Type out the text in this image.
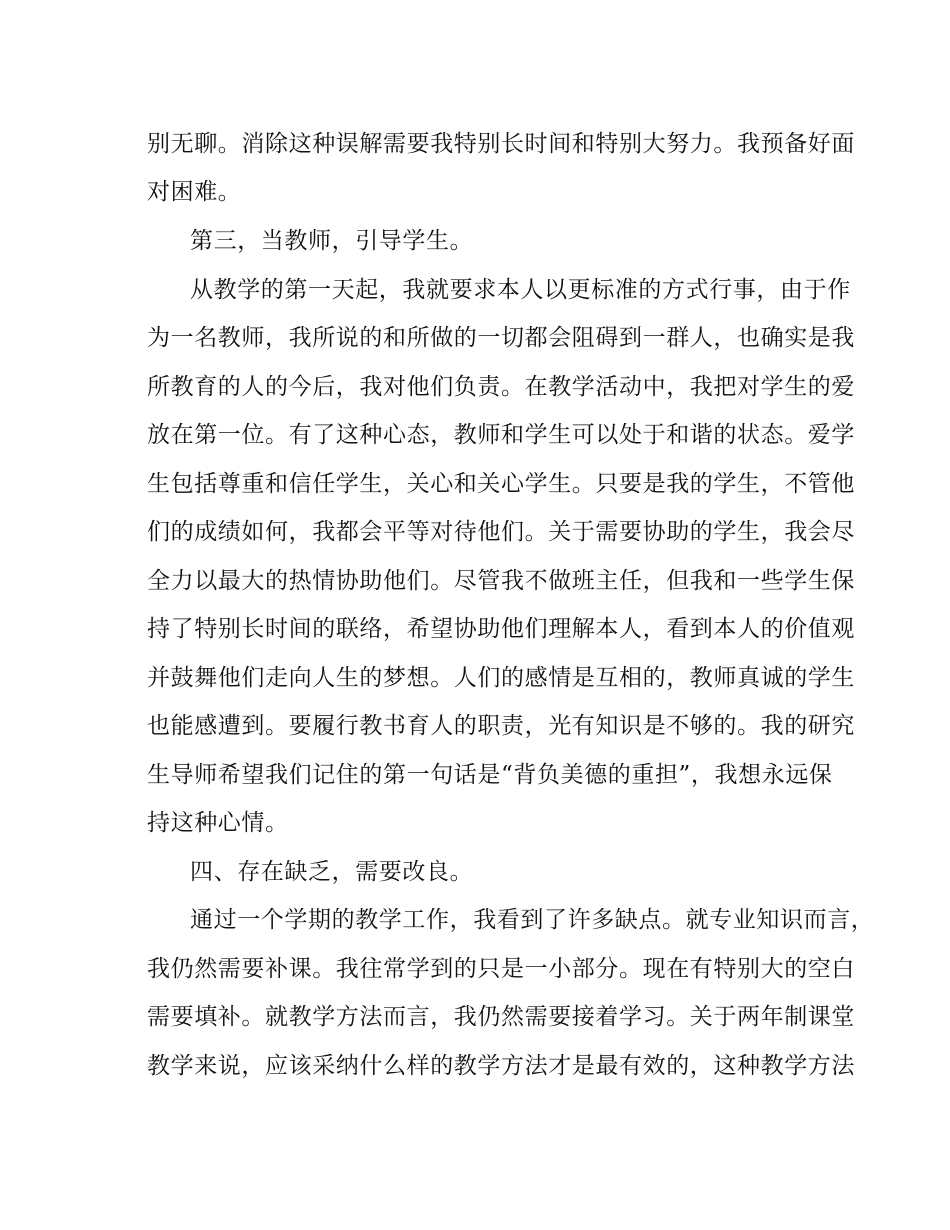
别无聊。消除这种误解需要我特别长时间和特别大努力。我预备好面
对困难。
第三，当教师，引导学生。
从教学的第一天起，我就要求本人以更标准的方式行事，由于作
为一名教师，我所说的和所做的一切都会阻碍到一群人，也确实是我
所教育的人的今后，我对他们负责。在教学活动中，我把对学生的爱
放在第一位。有了这种心态，教师和学生可以处于和谐的状态。爱学
生包括尊重和信任学生，关心和关心学生。只要是我的学生，不管他
们的成绩如何，我都会平等对待他们。关于需要协助的学生，我会尽
全力以最大的热情协助他们。尽管我不做班主任，但我和一些学生保
持了特别长时间的联络，希望协助他们理解本人，看到本人的价值观
并鼓舞他们走向人生的梦想。人们的感情是互相的，教师真诚的学生
也能感遭到。要履行教书育人的职责，光有知识是不够的。我的研究
生导师希望我们记住的第一句话是“背负美德的重担”，我想永远保
持这种心情。
四、存在缺乏，需要改良。
通过一个学期的教学工作，我看到了许多缺点。就专业知识而言，
我仍然需要补课。我往常学到的只是一小部分。现在有特别大的空白
需要填补。就教学方法而言，我仍然需要接着学习。关于两年制课堂
教学来说，应该采纳什么样的教学方法才是最有效的，这种教学方法
